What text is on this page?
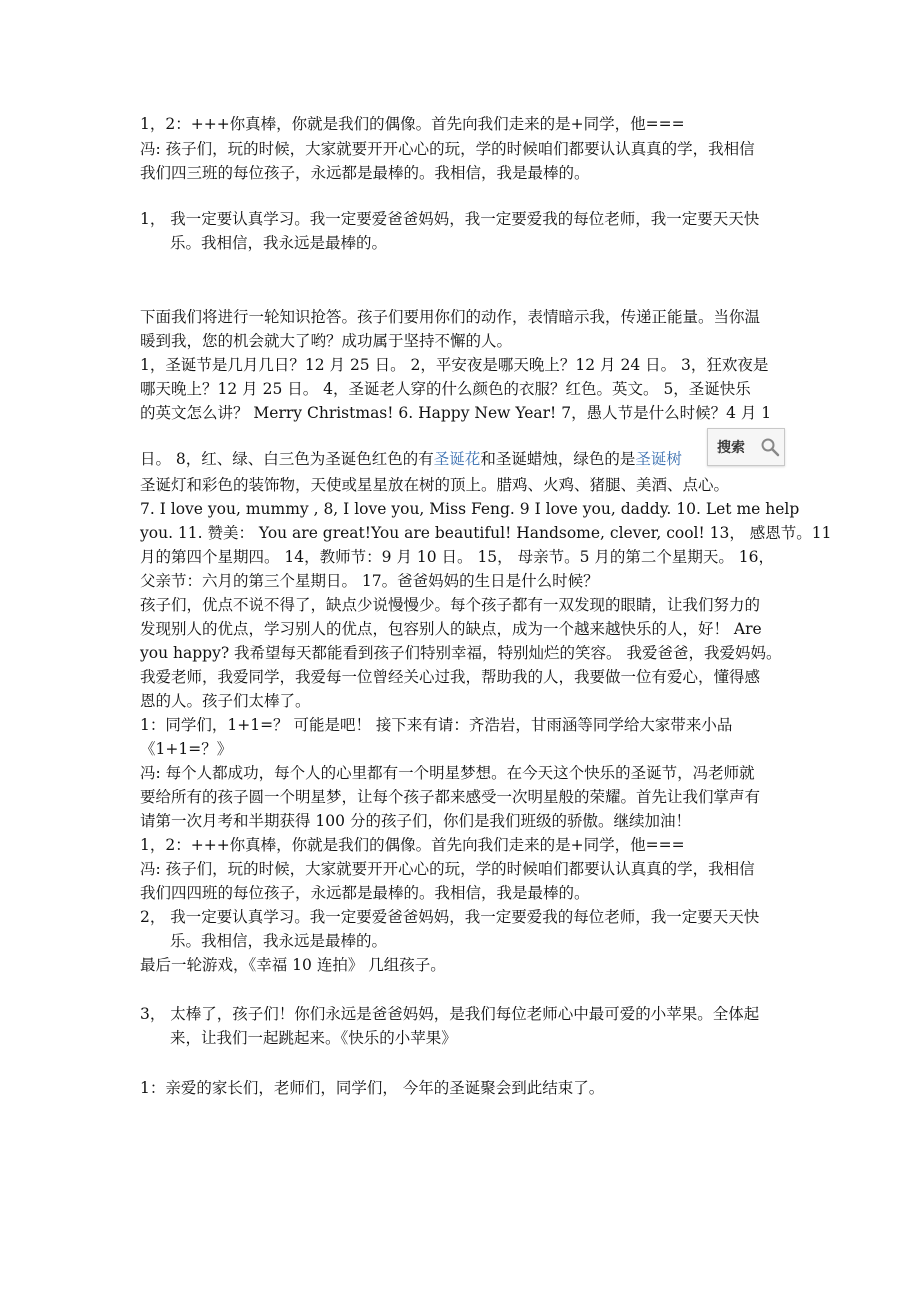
1，2：+++你真棒，你就是我们的偶像。首先向我们走来的是+同学，他===
冯: 孩子们，玩的时候，大家就要开开心心的玩，学的时候咱们都要认认真真的学，我相信
我们四三班的每位孩子，永远都是最棒的。我相信，我是最棒的。
1， 我一定要认真学习。我一定要爱爸爸妈妈，我一定要爱我的每位老师，我一定要天天快
乐。我相信，我永远是最棒的。
下面我们将进行一轮知识抢答。孩子们要用你们的动作，表情暗示我，传递正能量。当你温
暖到我，您的机会就大了哟？成功属于坚持不懈的人。
1，圣诞节是几月几日？12 月 25 日。 2，平安夜是哪天晚上？12 月 24 日。 3，狂欢夜是
哪天晚上？12 月 25 日。 4，圣诞老人穿的什么颜色的衣服？红色。英文。 5，圣诞快乐
的英文怎么讲？ Merry Christmas! 6. Happy New Year! 7，愚人节是什么时候？4 月 1
日。 8，红、绿、白三色为圣诞色红色的有圣诞花和圣诞蜡烛，绿色的是圣诞树
圣诞灯和彩色的装饰物，天使或星星放在树的顶上。腊鸡、火鸡、猪腿、美酒、点心。
7. I love you, mummy , 8, I love you, Miss Feng. 9 I love you, daddy. 10. Let me help
you. 11. 赞美： You are great!You are beautiful! Handsome, clever, cool! 13， 感恩节。11
月的第四个星期四。 14，教师节：9 月 10 日。 15， 母亲节。5 月的第二个星期天。 16，
父亲节：六月的第三个星期日。 17。爸爸妈妈的生日是什么时候？
孩子们，优点不说不得了，缺点少说慢慢少。每个孩子都有一双发现的眼睛，让我们努力的
发现别人的优点，学习别人的优点，包容别人的缺点，成为一个越来越快乐的人，好！ Are
you happy? 我希望每天都能看到孩子们特别幸福，特别灿烂的笑容。 我爱爸爸，我爱妈妈。
我爱老师，我爱同学，我爱每一位曾经关心过我，帮助我的人，我要做一位有爱心，懂得感
恩的人。孩子们太棒了。
1：同学们，1+1=？ 可能是吧！ 接下来有请：齐浩岩，甘雨涵等同学给大家带来小品
《1+1=？》
冯: 每个人都成功，每个人的心里都有一个明星梦想。在今天这个快乐的圣诞节，冯老师就
要给所有的孩子圆一个明星梦，让每个孩子都来感受一次明星般的荣耀。首先让我们掌声有
请第一次月考和半期获得 100 分的孩子们，你们是我们班级的骄傲。继续加油！
1，2：+++你真棒，你就是我们的偶像。首先向我们走来的是+同学，他===
冯: 孩子们，玩的时候，大家就要开开心心的玩，学的时候咱们都要认认真真的学，我相信
我们四四班的每位孩子，永远都是最棒的。我相信，我是最棒的。
2， 我一定要认真学习。我一定要爱爸爸妈妈，我一定要爱我的每位老师，我一定要天天快
乐。我相信，我永远是最棒的。
最后一轮游戏，《幸福 10 连拍》 几组孩子。
3， 太棒了，孩子们！你们永远是爸爸妈妈，是我们每位老师心中最可爱的小苹果。全体起
来，让我们一起跳起来。《快乐的小苹果》
1：亲爱的家长们，老师们，同学们， 今年的圣诞聚会到此结束了。
搜索
